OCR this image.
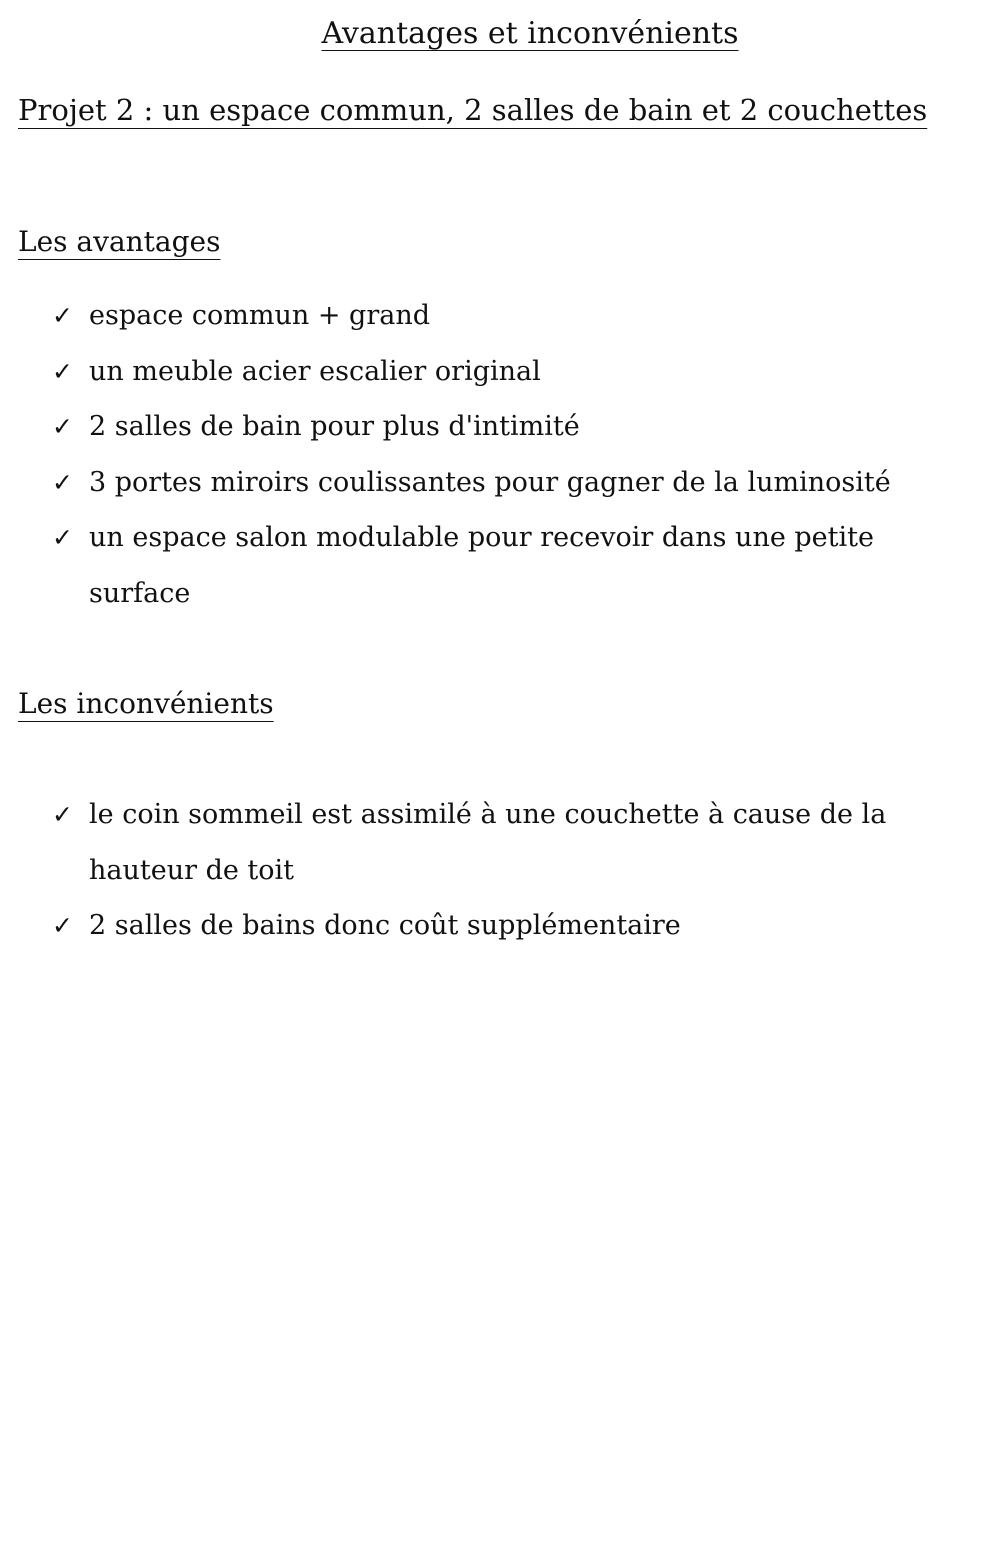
Avantages et inconvénients
Projet 2 : un espace commun, 2 salles de bain et 2 couchettes
Les avantages
✓ espace commun + grand
✓ un meuble acier escalier original
✓ 2 salles de bain pour plus d'intimité
✓ 3 portes miroirs coulissantes pour gagner de la luminosité
✓ un espace salon modulable pour recevoir dans une petite surface
Les inconvénients
✓ le coin sommeil est assimilé à une couchette à cause de la hauteur de toit
✓ 2 salles de bains donc coût supplémentaire
